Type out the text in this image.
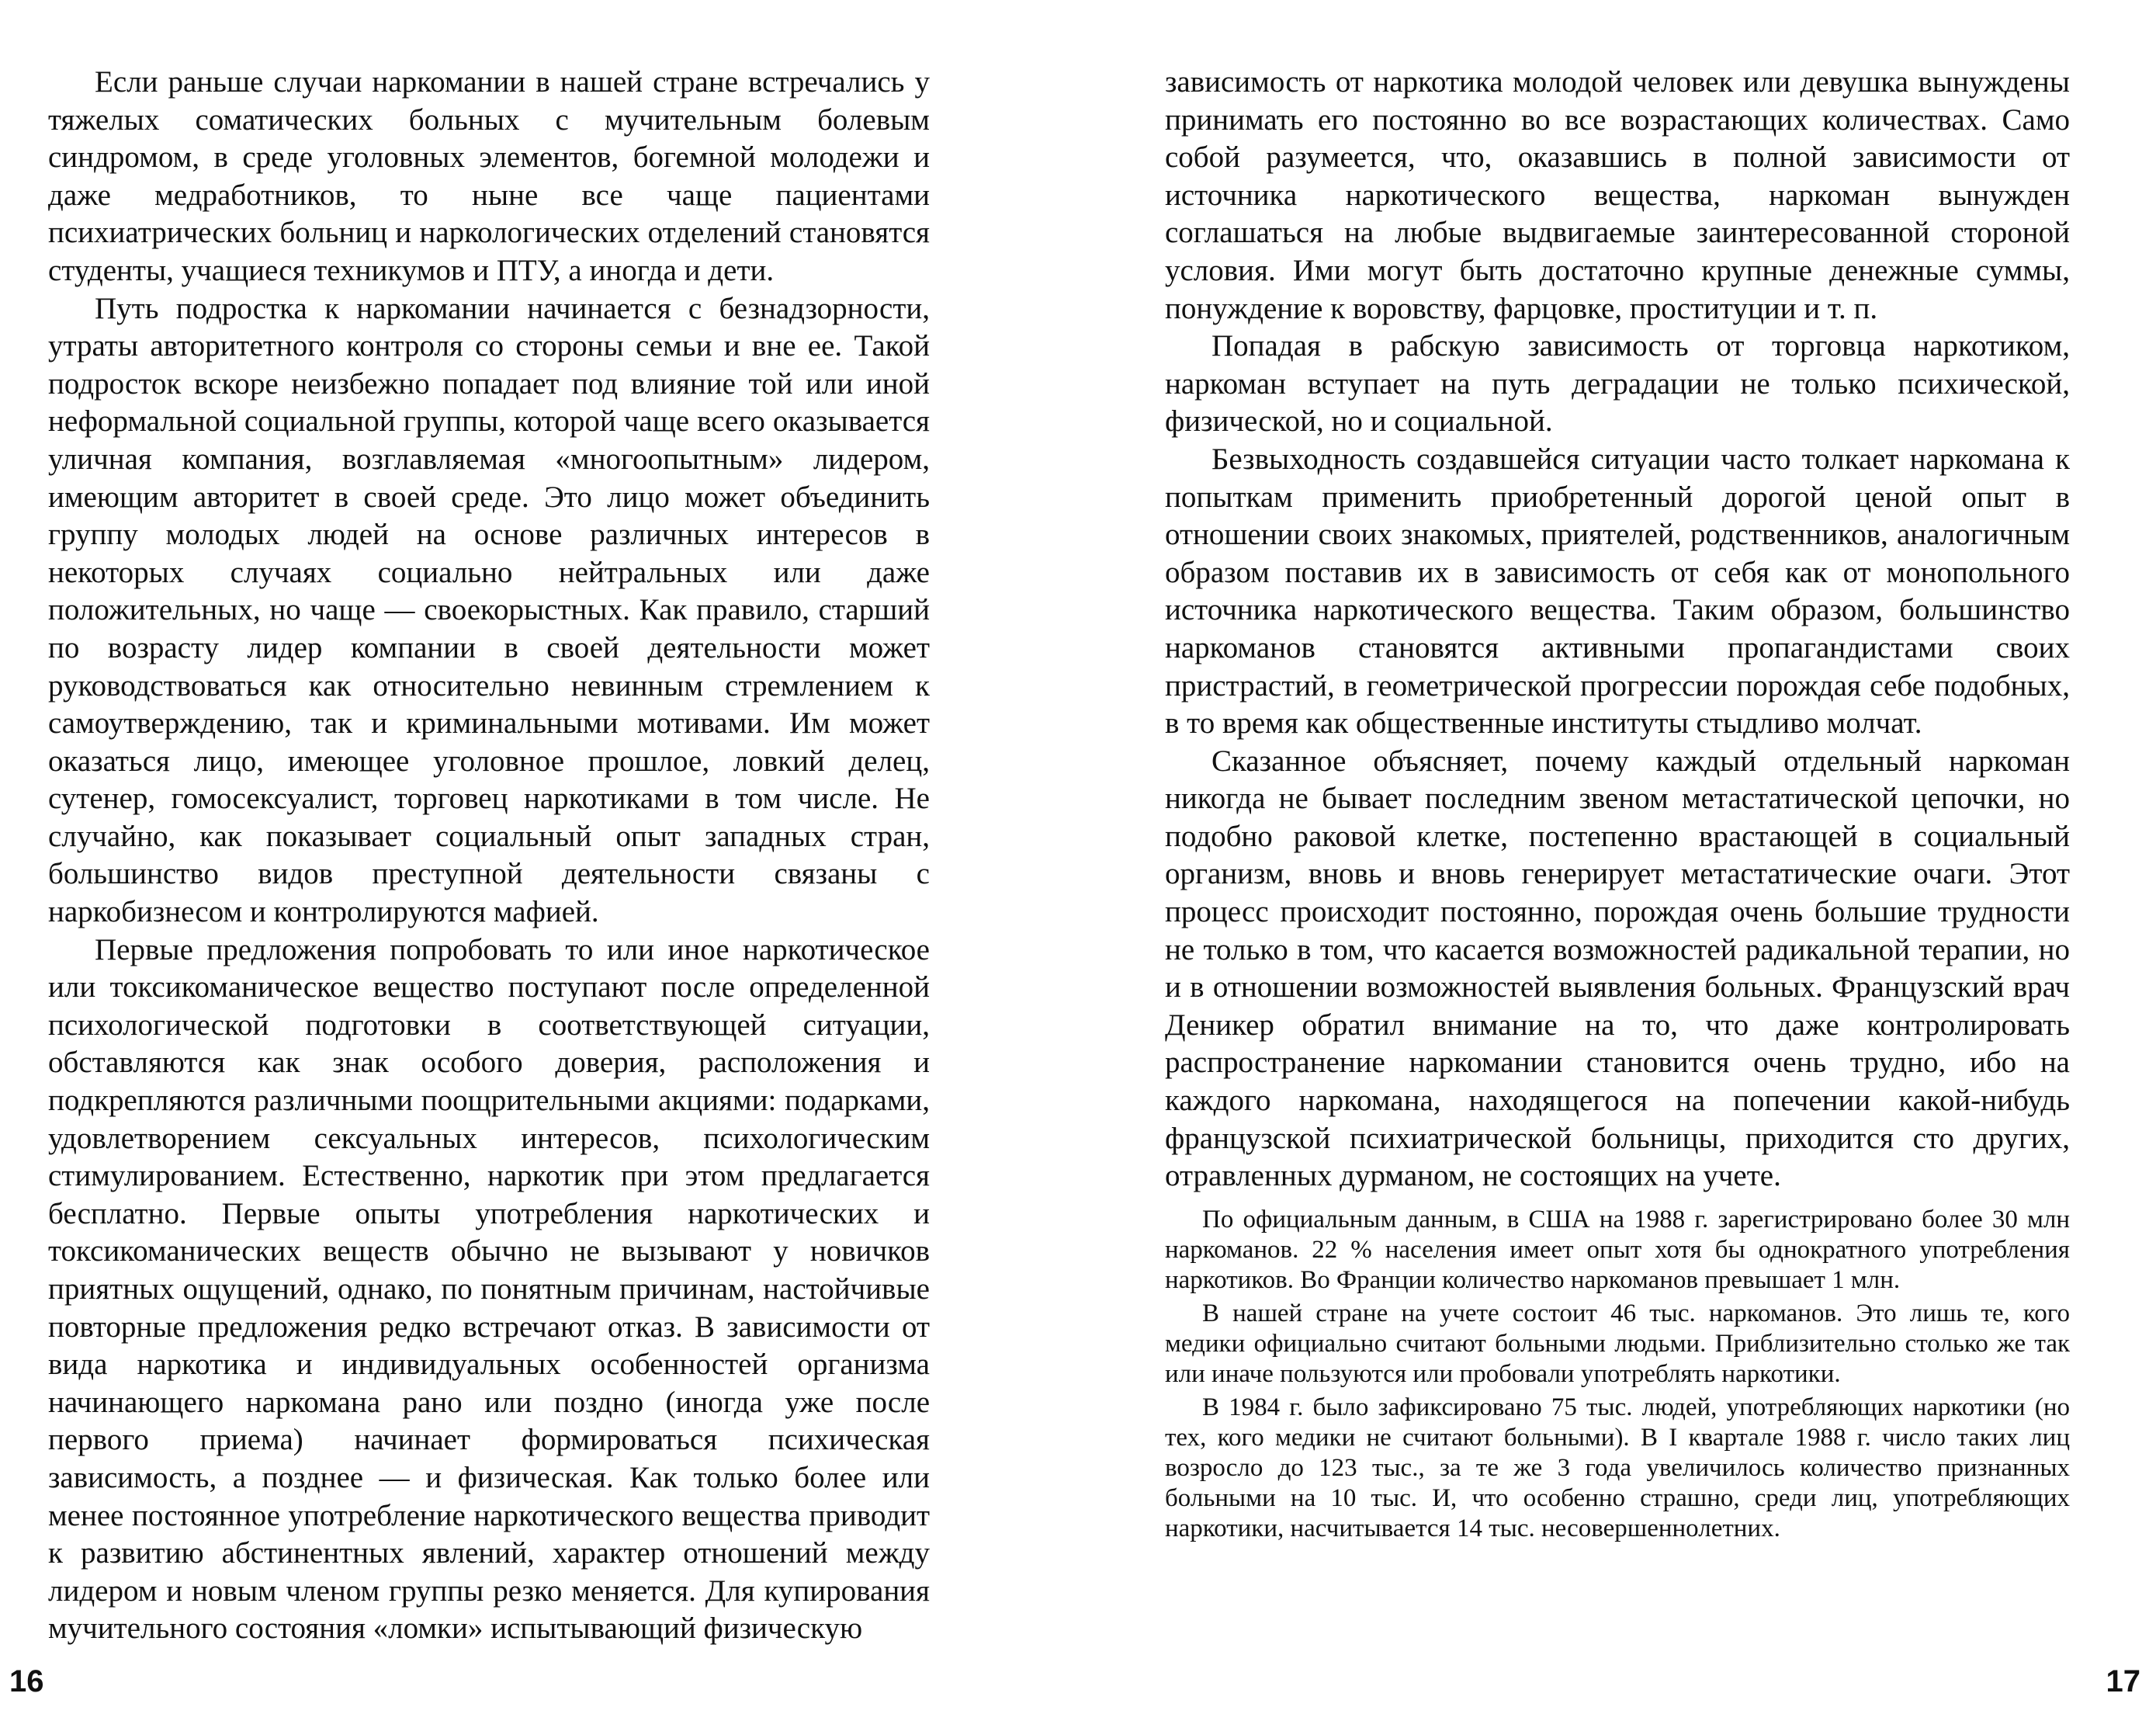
Если раньше случаи наркомании в нашей стране встречались у тяжелых соматических больных с мучительным болевым синдромом, в среде уголовных элементов, богемной молодежи и даже медработников, то ныне все чаще пациентами психиатрических больниц и наркологических отделений становятся студенты, учащиеся техникумов и ПТУ, а иногда и дети.

Путь подростка к наркомании начинается с безнадзорности, утраты авторитетного контроля со стороны семьи и вне ее. Такой подросток вскоре неизбежно попадает под влияние той или иной неформальной социальной группы, которой чаще всего оказывается уличная компания, возглавляемая «многоопытным» лидером, имеющим авторитет в своей среде. Это лицо может объединить группу молодых людей на основе различных интересов в некоторых случаях социально нейтральных или даже положительных, но чаще — своекорыстных. Как правило, старший по возрасту лидер компании в своей деятельности может руководствоваться как относительно невинным стремлением к самоутверждению, так и криминальными мотивами. Им может оказаться лицо, имеющее уголовное прошлое, ловкий делец, сутенер, гомосексуалист, торговец наркотиками в том числе. Не случайно, как показывает социальный опыт западных стран, большинство видов преступной деятельности связаны с наркобизнесом и контролируются мафией.

Первые предложения попробовать то или иное наркотическое или токсикоманическое вещество поступают после определенной психологической подготовки в соответствующей ситуации, обставляются как знак особого доверия, расположения и подкрепляются различными поощрительными акциями: подарками, удовлетворением сексуальных интересов, психологическим стимулированием. Естественно, наркотик при этом предлагается бесплатно. Первые опыты употребления наркотических и токсикоманических веществ обычно не вызывают у новичков приятных ощущений, однако, по понятным причинам, настойчивые повторные предложения редко встречают отказ. В зависимости от вида наркотика и индивидуальных особенностей организма начинающего наркомана рано или поздно (иногда уже после первого приема) начинает формироваться психическая зависимость, а позднее — и физическая. Как только более или менее постоянное употребление наркотического вещества приводит к развитию абстинентных явлений, характер отношений между лидером и новым членом группы резко меняется. Для купирования мучительного состояния «ломки» испытывающий физическую

16

зависимость от наркотика молодой человек или девушка вынуждены принимать его постоянно во все возрастающих количествах. Само собой разумеется, что, оказавшись в полной зависимости от источника наркотического вещества, наркоман вынужден соглашаться на любые выдвигаемые заинтересованной стороной условия. Ими могут быть достаточно крупные денежные суммы, понуждение к воровству, фарцовке, проституции и т. п.

Попадая в рабскую зависимость от торговца наркотиком, наркоман вступает на путь деградации не только психической, физической, но и социальной.

Безвыходность создавшейся ситуации часто толкает наркомана к попыткам применить приобретенный дорогой ценой опыт в отношении своих знакомых, приятелей, родственников, аналогичным образом поставив их в зависимость от себя как от монопольного источника наркотического вещества. Таким образом, большинство наркоманов становятся активными пропагандистами своих пристрастий, в геометрической прогрессии порождая себе подобных, в то время как общественные институты стыдливо молчат.

Сказанное объясняет, почему каждый отдельный наркоман никогда не бывает последним звеном метастатической цепочки, но подобно раковой клетке, постепенно врастающей в социальный организм, вновь и вновь генерирует метастатические очаги. Этот процесс происходит постоянно, порождая очень большие трудности не только в том, что касается возможностей радикальной терапии, но и в отношении возможностей выявления больных. Французский врач Деникер обратил внимание на то, что даже контролировать распространение наркомании становится очень трудно, ибо на каждого наркомана, находящегося на попечении какой-нибудь французской психиатрической больницы, приходится сто других, отравленных дурманом, не состоящих на учете.

По официальным данным, в США на 1988 г. зарегистрировано более 30 млн наркоманов. 22 % населения имеет опыт хотя бы однократного употребления наркотиков. Во Франции количество наркоманов превышает 1 млн.

В нашей стране на учете состоит 46 тыс. наркоманов. Это лишь те, кого медики официально считают больными людьми. Приблизительно столько же так или иначе пользуются или пробовали употреблять наркотики.

В 1984 г. было зафиксировано 75 тыс. людей, употребляющих наркотики (но тех, кого медики не считают больными). В I квартале 1988 г. число таких лиц возросло до 123 тыс., за те же 3 года увеличилось количество признанных больными на 10 тыс. И, что особенно страшно, среди лиц, употребляющих наркотики, насчитывается 14 тыс. несовершеннолетних.

17
